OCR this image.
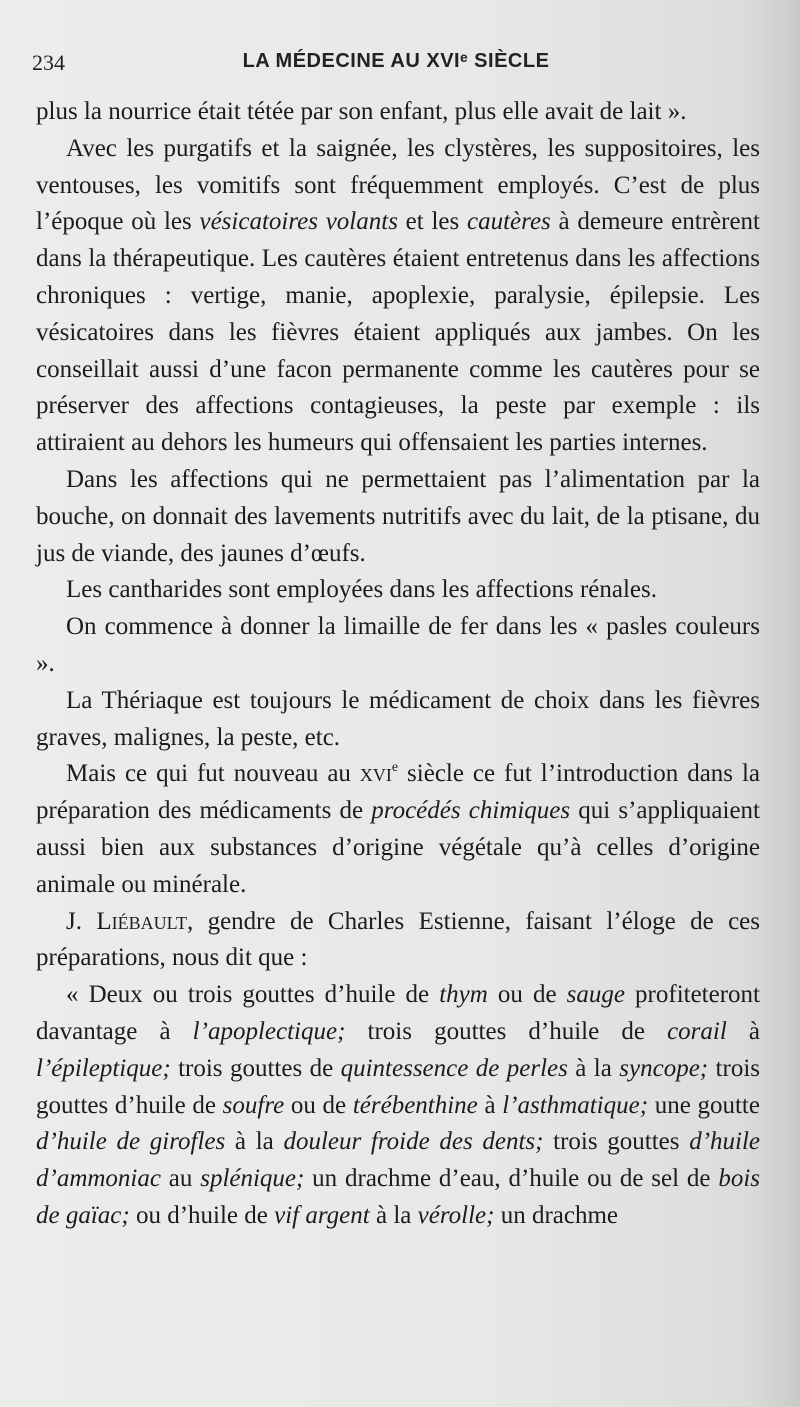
234	LA MÉDECINE AU XVIᵉ SIÈCLE

plus la nourrice était tétée par son enfant, plus elle avait de lait ».

Avec les purgatifs et la saignée, les clystères, les suppositoires, les ventouses, les vomitifs sont fréquemment employés. C’est de plus l’époque où les vésicatoires volants et les cautères à demeure entrèrent dans la thérapeutique. Les cautères étaient entretenus dans les affections chroniques : vertige, manie, apoplexie, paralysie, épilepsie. Les vésicatoires dans les fièvres étaient appliqués aux jambes. On les conseillait aussi d’une facon permanente comme les cautères pour se préserver des affections contagieuses, la peste par exemple : ils attiraient au dehors les humeurs qui offensaient les parties internes.

Dans les affections qui ne permettaient pas l’alimentation par la bouche, on donnait des lavements nutritifs avec du lait, de la ptisane, du jus de viande, des jaunes d’œufs.

Les cantharides sont employées dans les affections rénales.

On commence à donner la limaille de fer dans les « pasles couleurs ».

La Thériaque est toujours le médicament de choix dans les fièvres graves, malignes, la peste, etc.

Mais ce qui fut nouveau au xvi$^e$ siècle ce fut l’introduction dans la préparation des médicaments de procédés chimiques qui s’appliquaient aussi bien aux substances d’origine végétale qu’à celles d’origine animale ou minérale.

J. Liébault, gendre de Charles Estienne, faisant l’éloge de ces préparations, nous dit que :

« Deux ou trois gouttes d’huile de thym ou de sauge profiteteront davantage à l’apoplectique; trois gouttes d’huile de corail à l’épileptique; trois gouttes de quintessence de perles à la syncope; trois gouttes d’huile de soufre ou de térébenthine à l’asthmatique; une goutte d’huile de girofles à la douleur froide des dents; trois gouttes d’huile d’ammoniac au splénique; un drachme d’eau, d’huile ou de sel de bois de gaïac; ou d’huile de vif argent à la vérolle; un drachme
